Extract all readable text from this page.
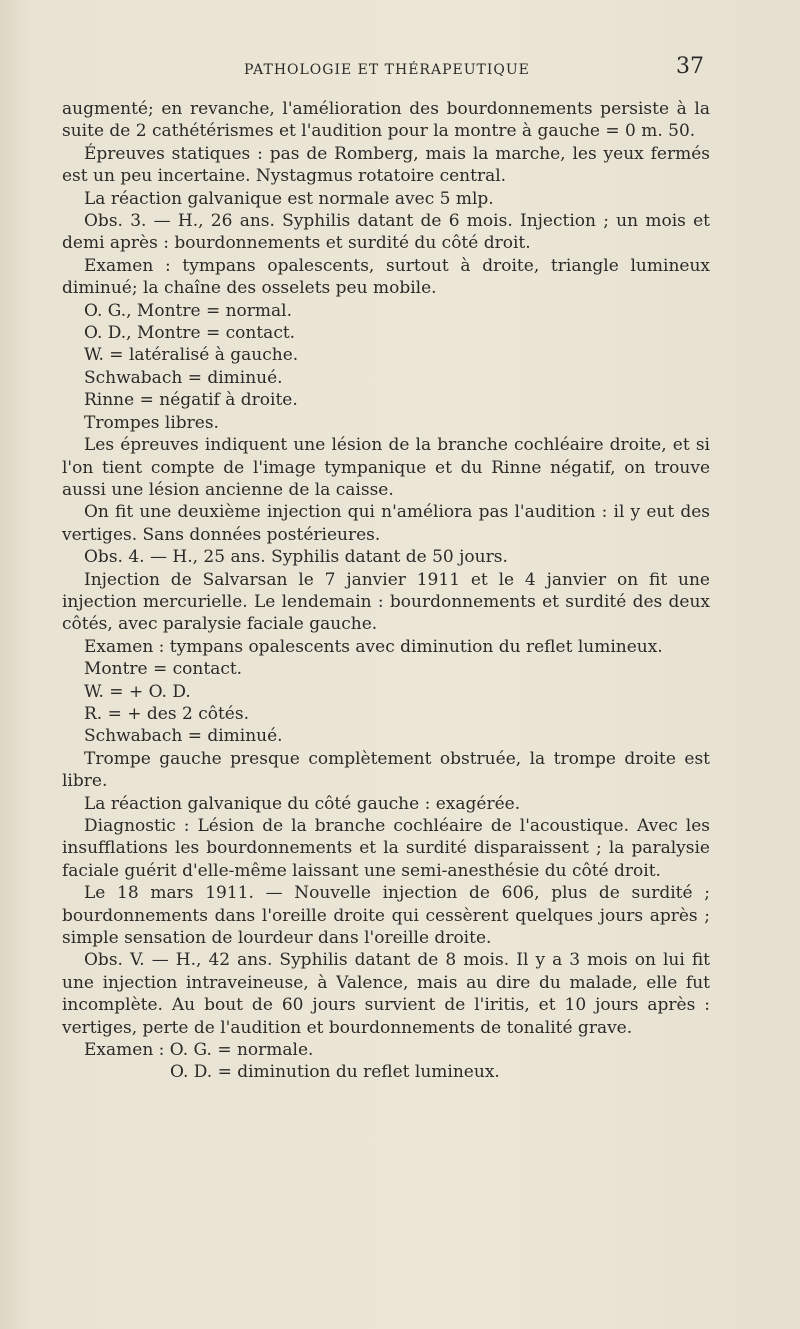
PATHOLOGIE ET THÉRAPEUTIQUE	37

augmenté; en revanche, l'amélioration des bourdonnements persiste à la suite de 2 cathétérismes et l'audition pour la montre à gauche = 0 m. 50.

Épreuves statiques : pas de Romberg, mais la marche, les yeux fermés est un peu incertaine. Nystagmus rotatoire central.

La réaction galvanique est normale avec 5 mlp.

Obs. 3. — H., 26 ans. Syphilis datant de 6 mois. Injection ; un mois et demi après : bourdonnements et surdité du côté droit.

Examen : tympans opalescents, surtout à droite, triangle lumineux diminué; la chaîne des osselets peu mobile.

O. G., Montre = normal.

O. D., Montre = contact.

W. = latéralisé à gauche.

Schwabach = diminué.

Rinne = négatif à droite.

Trompes libres.

Les épreuves indiquent une lésion de la branche cochléaire droite, et si l'on tient compte de l'image tympanique et du Rinne négatif, on trouve aussi une lésion ancienne de la caisse.

On fit une deuxième injection qui n'améliora pas l'audition : il y eut des vertiges. Sans données postérieures.

Obs. 4. — H., 25 ans. Syphilis datant de 50 jours.

Injection de Salvarsan le 7 janvier 1911 et le 4 janvier on fit une injection mercurielle. Le lendemain : bourdonnements et surdité des deux côtés, avec paralysie faciale gauche.

Examen : tympans opalescents avec diminution du reflet lumineux.

Montre = contact.

W. = + O. D.

R. = + des 2 côtés.

Schwabach = diminué.

Trompe gauche presque complètement obstruée, la trompe droite est libre.

La réaction galvanique du côté gauche : exagérée.

Diagnostic : Lésion de la branche cochléaire de l'acoustique. Avec les insufflations les bourdonnements et la surdité disparaissent ; la paralysie faciale guérit d'elle-même laissant une semi-anesthésie du côté droit.

Le 18 mars 1911. — Nouvelle injection de 606, plus de surdité ; bourdonnements dans l'oreille droite qui cessèrent quelques jours après ; simple sensation de lourdeur dans l'oreille droite.

Obs. V. — H., 42 ans. Syphilis datant de 8 mois. Il y a 3 mois on lui fit une injection intraveineuse, à Valence, mais au dire du malade, elle fut incomplète. Au bout de 60 jours survient de l'iritis, et 10 jours après : vertiges, perte de l'audition et bourdonnements de tonalité grave.

Examen : O. G. = normale.

O. D. = diminution du reflet lumineux.
